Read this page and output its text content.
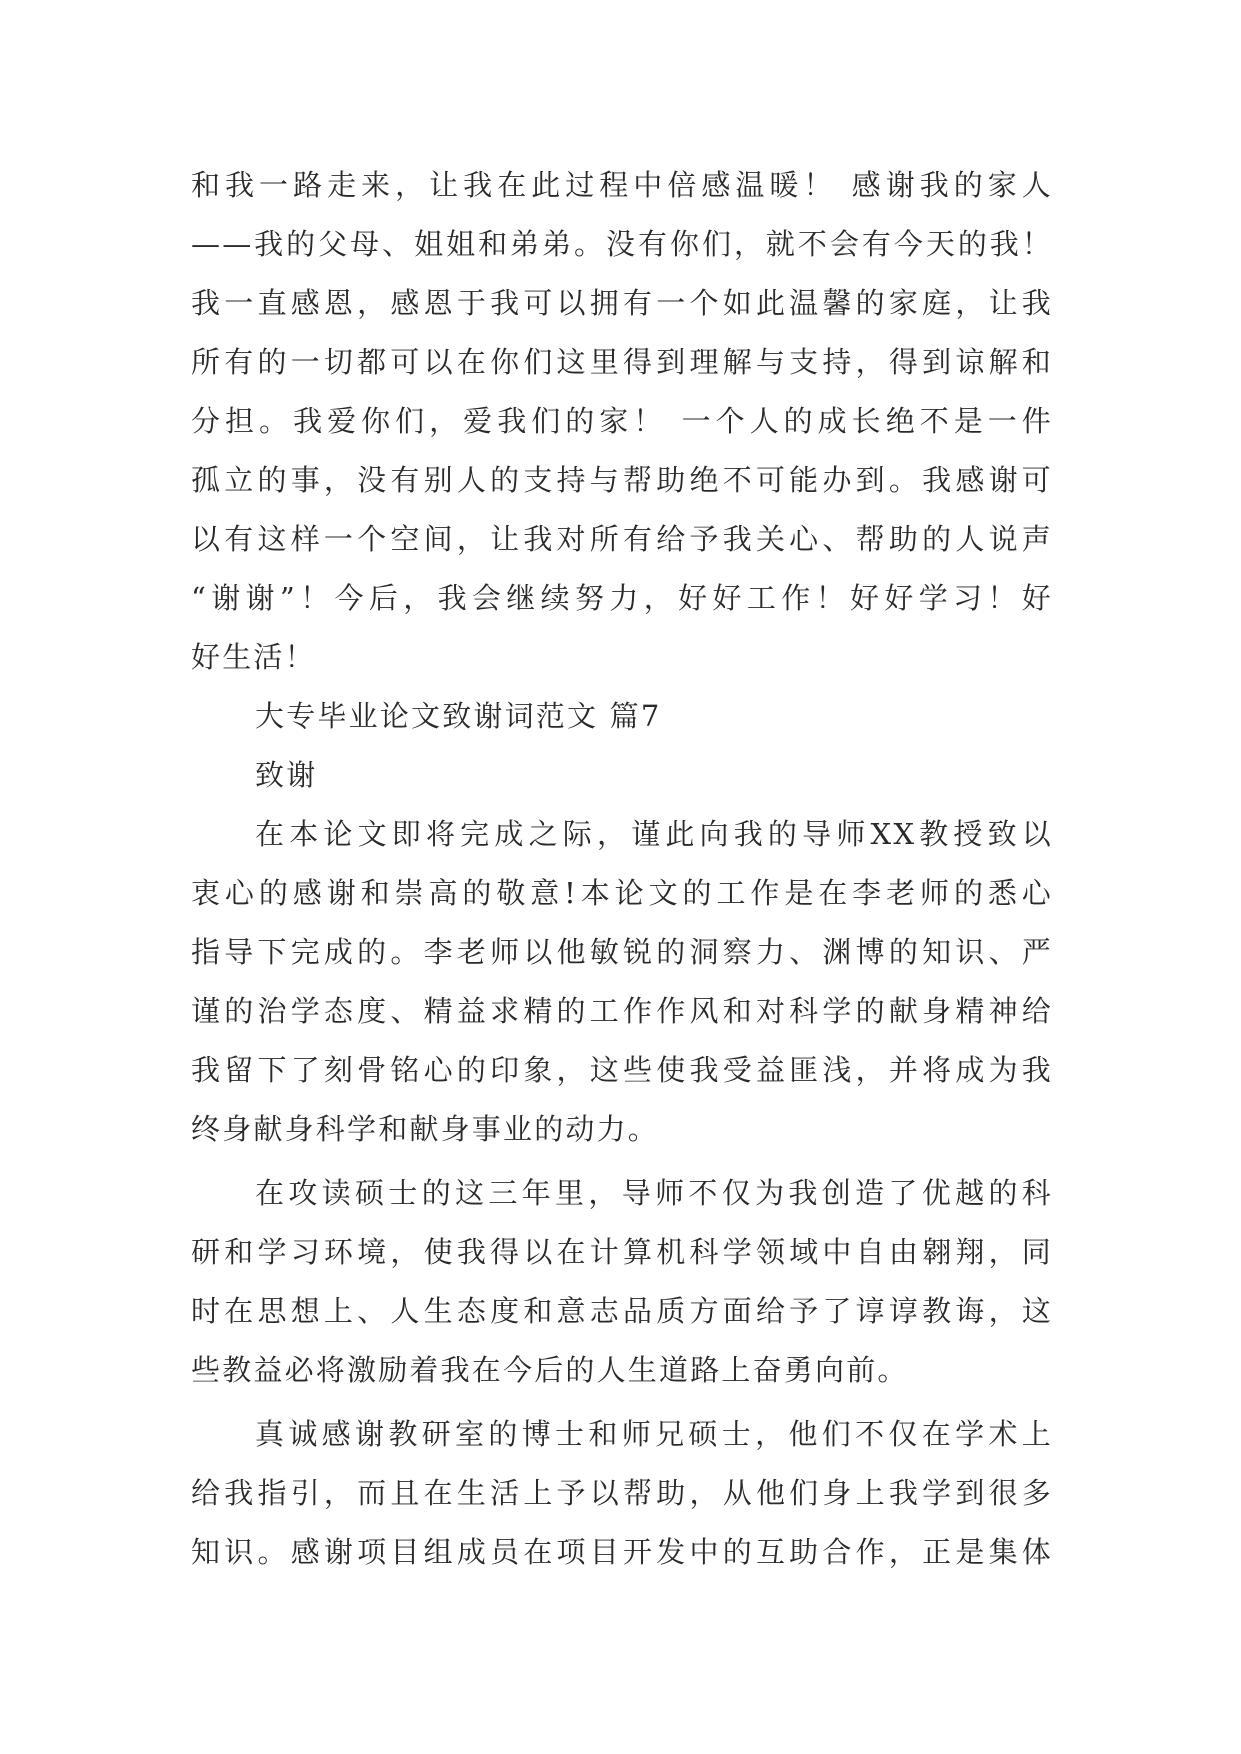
和我一路走来，让我在此过程中倍感温暖！ 感谢我的家人
——我的父母、姐姐和弟弟。没有你们，就不会有今天的我！
我一直感恩，感恩于我可以拥有一个如此温馨的家庭，让我
所有的一切都可以在你们这里得到理解与支持，得到谅解和
分担。我爱你们，爱我们的家！ 一个人的成长绝不是一件
孤立的事，没有别人的支持与帮助绝不可能办到。我感谢可
以有这样一个空间，让我对所有给予我关心、帮助的人说声
“谢谢”！今后，我会继续努力，好好工作！好好学习！好
好生活！
大专毕业论文致谢词范文 篇7
致谢
在本论文即将完成之际，谨此向我的导师XX教授致以
衷心的感谢和崇高的敬意!本论文的工作是在李老师的悉心
指导下完成的。李老师以他敏锐的洞察力、渊博的知识、严
谨的治学态度、精益求精的工作作风和对科学的献身精神给
我留下了刻骨铭心的印象，这些使我受益匪浅，并将成为我
终身献身科学和献身事业的动力。
在攻读硕士的这三年里，导师不仅为我创造了优越的科
研和学习环境，使我得以在计算机科学领域中自由翱翔，同
时在思想上、人生态度和意志品质方面给予了谆谆教诲，这
些教益必将激励着我在今后的人生道路上奋勇向前。
真诚感谢教研室的博士和师兄硕士，他们不仅在学术上
给我指引，而且在生活上予以帮助，从他们身上我学到很多
知识。感谢项目组成员在项目开发中的互助合作，正是集体
